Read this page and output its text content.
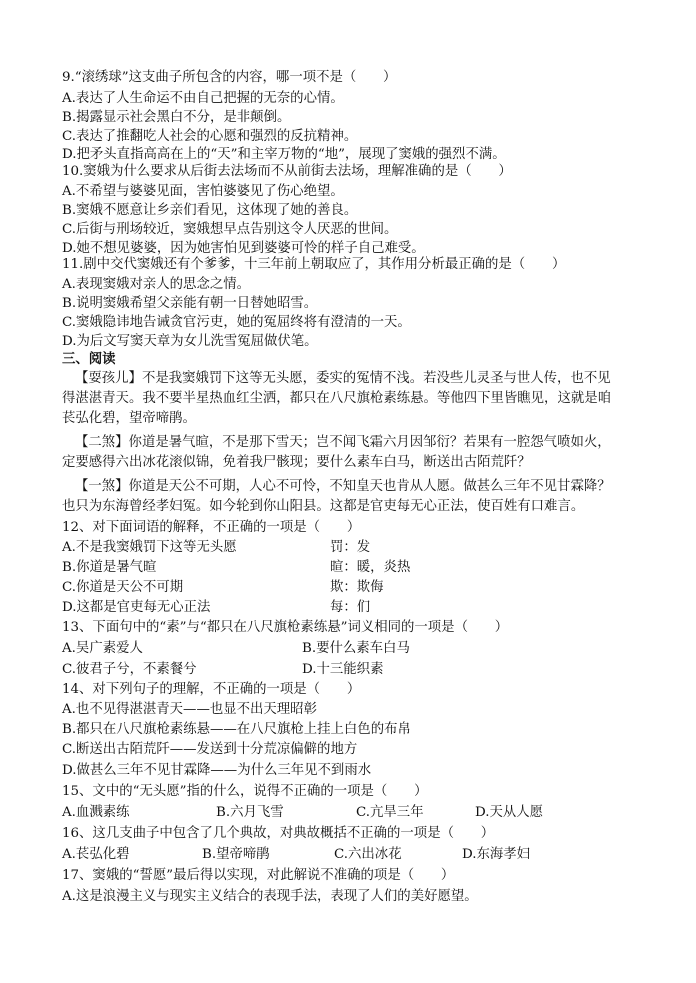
9.“滚绣球”这支曲子所包含的内容，哪一项不是（　　）
A.表达了人生命运不由自己把握的无奈的心情。
B.揭露显示社会黑白不分，是非颠倒。
C.表达了推翻吃人社会的心愿和强烈的反抗精神。
D.把矛头直指高高在上的“天”和主宰万物的“地”，展现了窦娥的强烈不满。
10.窦娥为什么要求从后街去法场而不从前街去法场，理解准确的是（　　）
A.不希望与婆婆见面，害怕婆婆见了伤心绝望。
B.窦娥不愿意让乡亲们看见，这体现了她的善良。
C.后街与刑场较近，窦娥想早点告别这令人厌恶的世间。
D.她不想见婆婆，因为她害怕见到婆婆可怜的样子自己难受。
11.剧中交代窦娥还有个爹爹，十三年前上朝取应了，其作用分析最正确的是（　　）
A.表现窦娥对亲人的思念之情。
B.说明窦娥希望父亲能有朝一日替她昭雪。
C.窦娥隐讳地告诫贪官污吏，她的冤屈终将有澄清的一天。
D.为后文写窦天章为女儿洗雪冤屈做伏笔。
三、阅读
【耍孩儿】不是我窦娥罚下这等无头愿，委实的冤情不浅。若没些儿灵圣与世人传，也不见
得湛湛青天。我不要半星热血红尘洒，都只在八尺旗枪素练悬。等他四下里皆瞧见，这就是咱
苌弘化碧，望帝啼鹃。
【二煞】你道是暑气暄，不是那下雪天；岂不闻飞霜六月因邹衍？若果有一腔怨气喷如火，
定要感得六出冰花滚似锦，免着我尸骸现；要什么素车白马，断送出古陌荒阡？
【一煞】你道是天公不可期，人心不可怜，不知皇天也肯从人愿。做甚么三年不见甘霖降？
也只为东海曾经孝妇冤。如今轮到你山阳县。这都是官吏每无心正法，使百姓有口难言。
12、对下面词语的解释，不正确的一项是（　　）
A.不是我窦娥罚下这等无头愿	罚：发
B.你道是暑气暄	暄：暖，炎热
C.你道是天公不可期	欺：欺侮
D.这都是官吏每无心正法	每：们
13、下面句中的“素”与“都只在八尺旗枪素练悬”词义相同的一项是（　　）
A.吴广素爱人	B.要什么素车白马
C.彼君子兮，不素餐兮	D.十三能织素
14、对下列句子的理解，不正确的一项是（　　）
A.也不见得湛湛青天——也显不出天理昭彰
B.都只在八尺旗枪素练悬——在八尺旗枪上挂上白色的布帛
C.断送出古陌荒阡——发送到十分荒凉偏僻的地方
D.做甚么三年不见甘霖降——为什么三年见不到雨水
15、文中的“无头愿”指的什么，说得不正确的一项是（　　）
A.血溅素练	B.六月飞雪	C.亢旱三年	D.天从人愿
16、这几支曲子中包含了几个典故，对典故概括不正确的一项是（　　）
A.苌弘化碧	B.望帝啼鹃	C.六出冰花	D.东海孝妇
17、窦娥的“誓愿”最后得以实现，对此解说不准确的项是（　　）
A.这是浪漫主义与现实主义结合的表现手法，表现了人们的美好愿望。
